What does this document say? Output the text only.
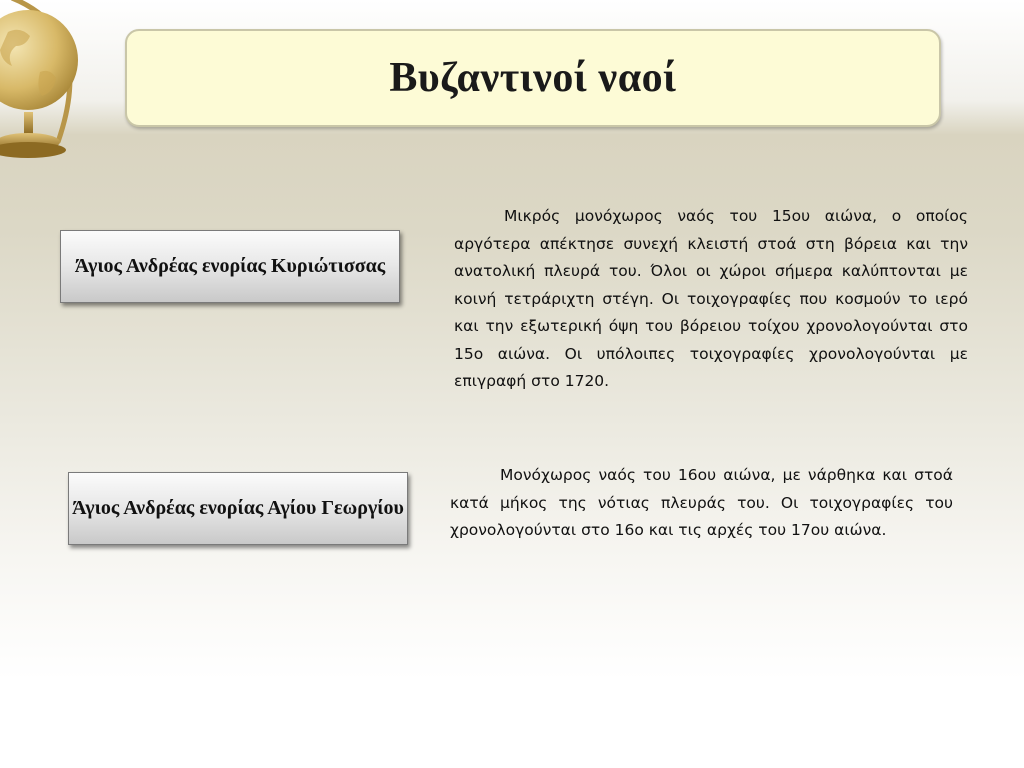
Βυζαντινοί ναοί
Άγιος Ανδρέας ενορίας Κυριώτισσας

Μικρός μονόχωρος ναός του 15ου αιώνα, ο οποίος αργότερα απέκτησε συνεχή κλειστή στοά στη βόρεια και την ανατολική πλευρά του. Όλοι οι χώροι σήμερα καλύπτονται με κοινή τετράριχτη στέγη. Οι τοιχογραφίες που κοσμούν το ιερό και την εξωτερική όψη του βόρειου τοίχου χρονολογούνται στο 15ο αιώνα. Οι υπόλοιπες τοιχογραφίες χρονολογούνται με επιγραφή στο 1720.

Άγιος Ανδρέας ενορίας Αγίου Γεωργίου

Μονόχωρος ναός του 16ου αιώνα, με νάρθηκα και στοά κατά μήκος της νότιας πλευράς του. Οι τοιχογραφίες του χρονολογούνται στο 16ο και τις αρχές του 17ου αιώνα.
